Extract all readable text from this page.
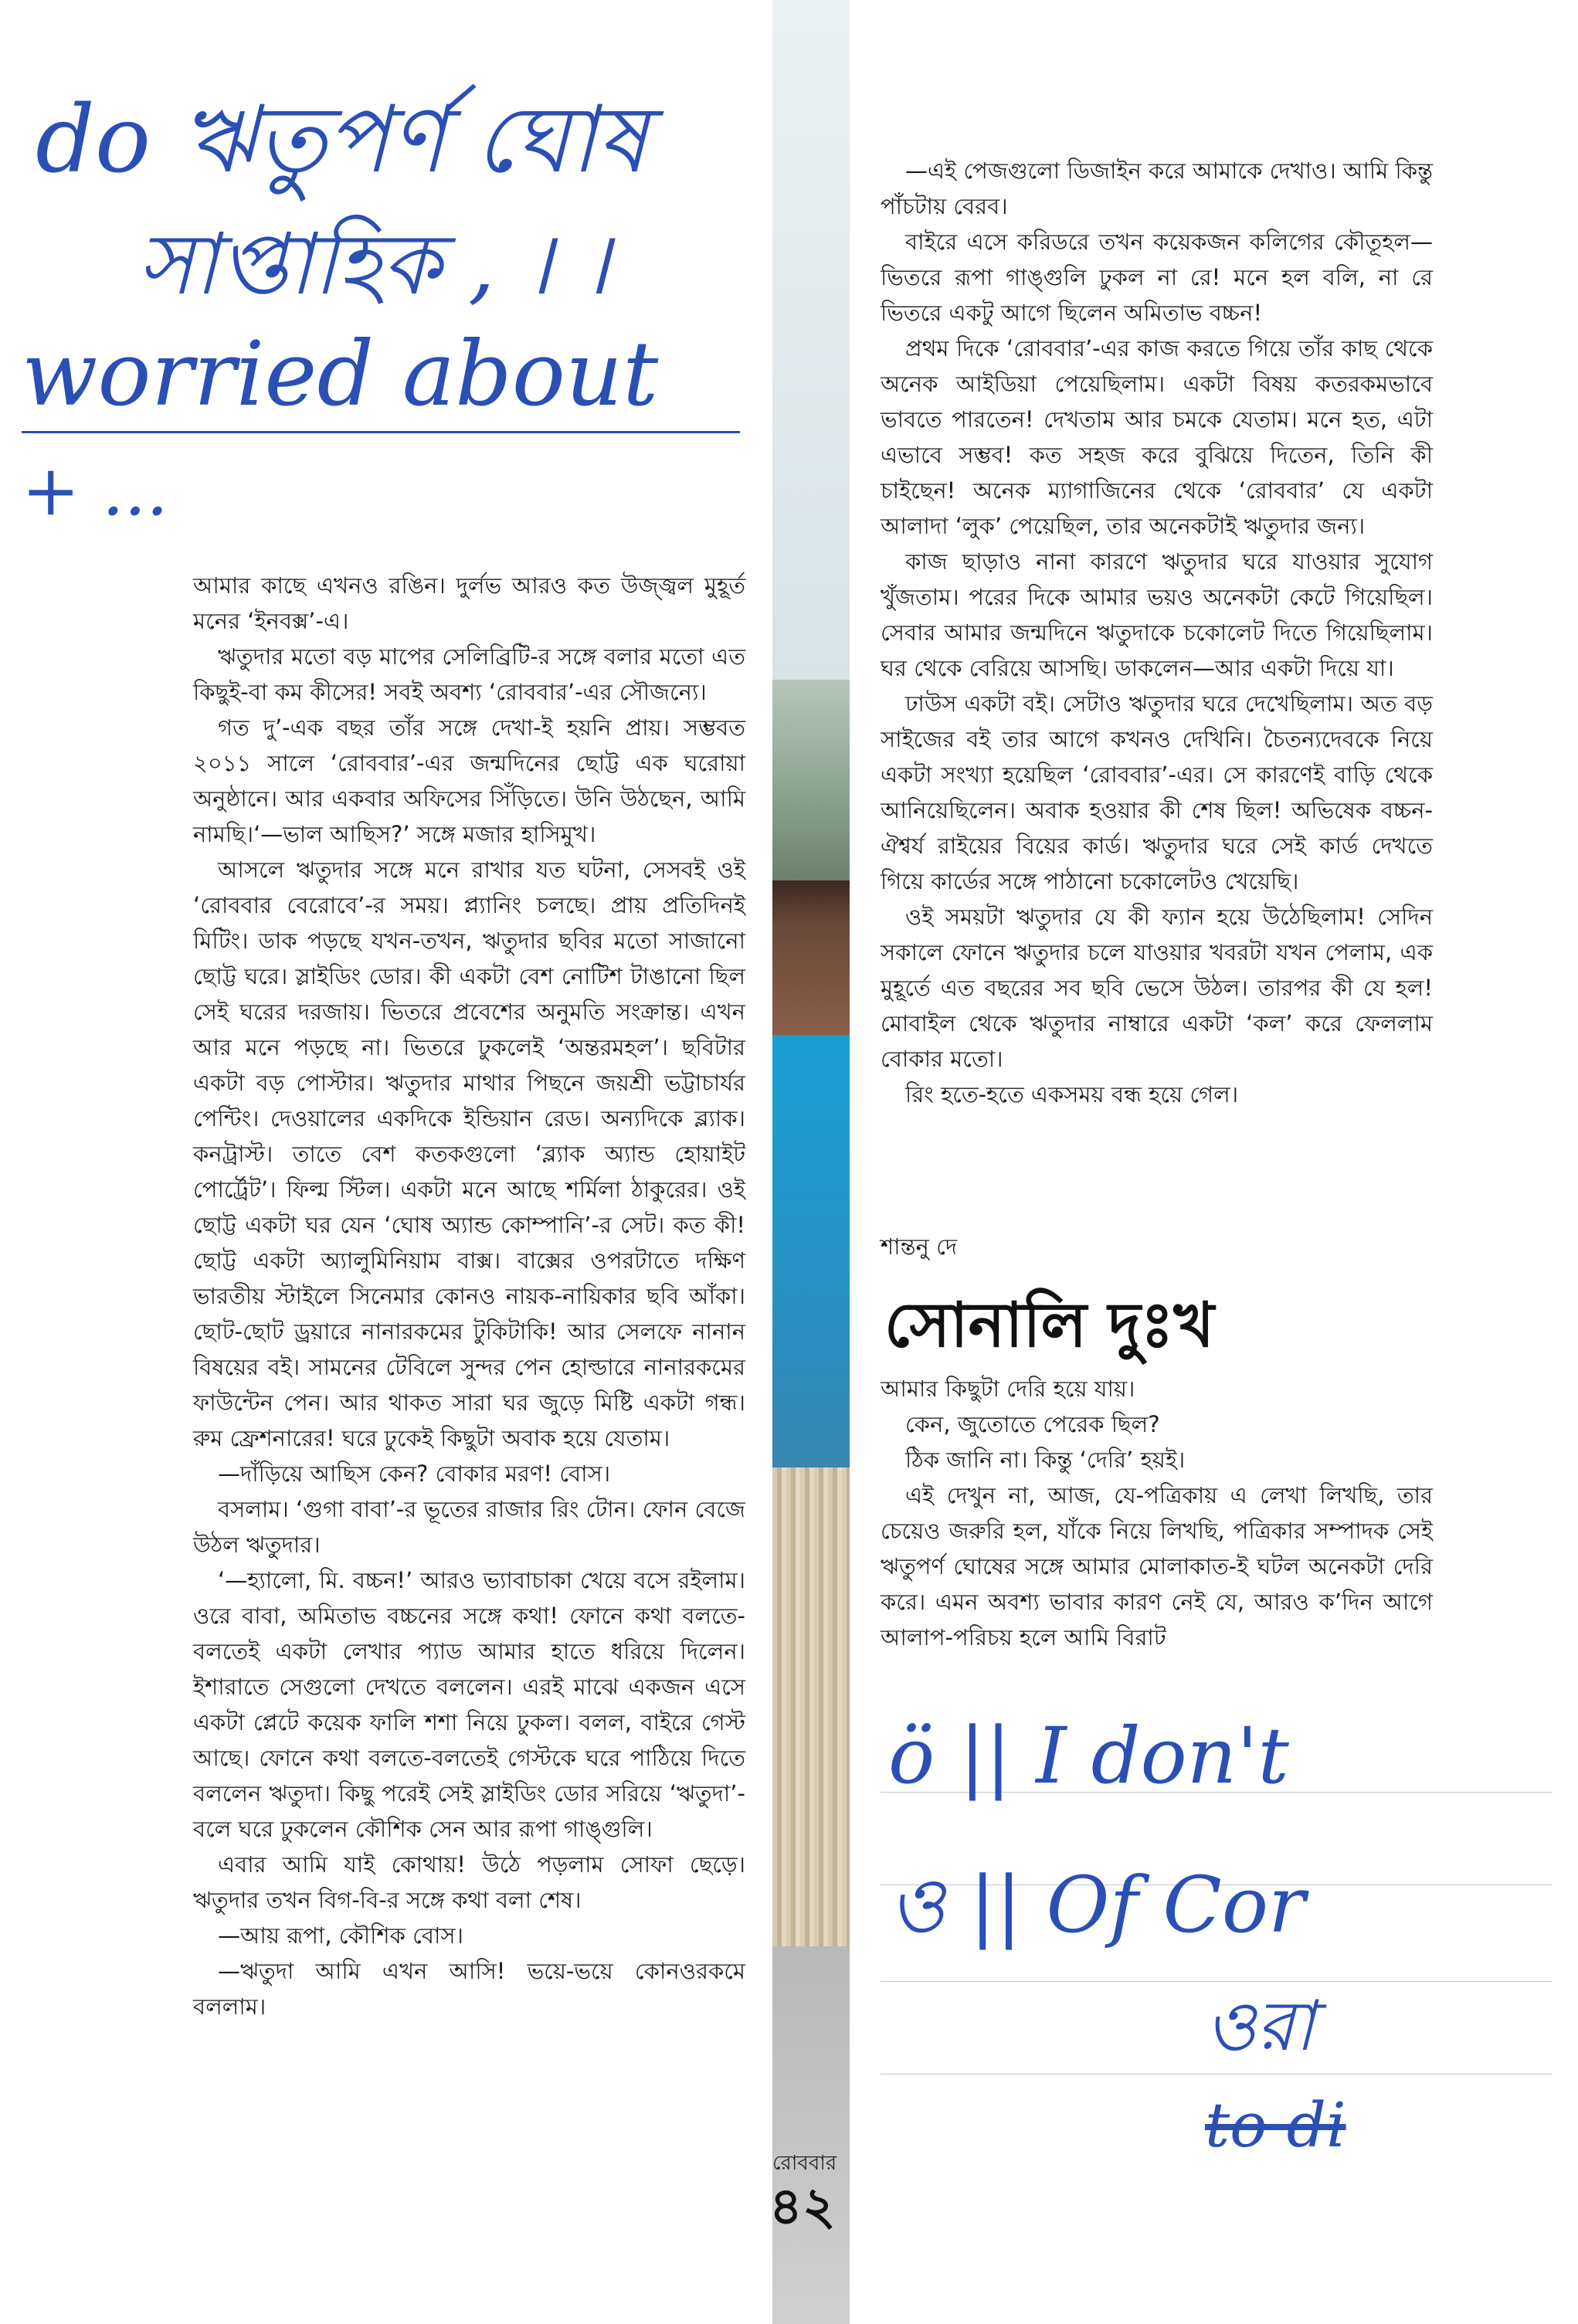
do ঋতুপর্ণ ঘোষ
সাপ্তাহিক , । ।
worried about
+ ...

আমার কাছে এখনও রঙিন। দুর্লভ আরও কত উজ্জ্বল মুহূর্ত মনের ‘ইনবক্স’-এ।

ঋতুদার মতো বড় মাপের সেলিব্রিটি-র সঙ্গে বলার মতো এত কিছুই-বা কম কীসের! সবই অবশ্য ‘রোববার’-এর সৌজন্যে।

গত দু’-এক বছর তাঁর সঙ্গে দেখা-ই হয়নি প্রায়। সম্ভবত ২০১১ সালে ‘রোববার’-এর জন্মদিনের ছোট্ট এক ঘরোয়া অনুষ্ঠানে। আর একবার অফিসের সিঁড়িতে। উনি উঠছেন, আমি নামছি।‘—ভাল আছিস?’ সঙ্গে মজার হাসিমুখ।

আসলে ঋতুদার সঙ্গে মনে রাখার যত ঘটনা, সেসবই ওই ‘রোববার বেরোবে’-র সময়। প্ল্যানিং চলছে। প্রায় প্রতিদিনই মিটিং। ডাক পড়ছে যখন-তখন, ঋতুদার ছবির মতো সাজানো ছোট্ট ঘরে। স্লাইডিং ডোর। কী একটা বেশ নোটিশ টাঙানো ছিল সেই ঘরের দরজায়। ভিতরে প্রবেশের অনুমতি সংক্রান্ত। এখন আর মনে পড়ছে না। ভিতরে ঢুকলেই ‘অন্তরমহল’। ছবিটার একটা বড় পোস্টার। ঋতুদার মাথার পিছনে জয়শ্রী ভট্টাচার্যর পেন্টিং। দেওয়ালের একদিকে ইন্ডিয়ান রেড। অন্যদিকে ব্ল্যাক। কনট্রাস্ট। তাতে বেশ কতকগুলো ‘ব্ল্যাক অ্যান্ড হোয়াইট পোর্ট্রেট’। ফিল্ম স্টিল। একটা মনে আছে শর্মিলা ঠাকুরের। ওই ছোট্ট একটা ঘর যেন ‘ঘোষ অ্যান্ড কোম্পানি’-র সেট। কত কী! ছোট্ট একটা অ্যালুমিনিয়াম বাক্স। বাক্সের ওপরটাতে দক্ষিণ ভারতীয় স্টাইলে সিনেমার কোনও নায়ক-নায়িকার ছবি আঁকা। ছোট-ছোট ড্রয়ারে নানারকমের টুকিটাকি! আর সেলফে নানান বিষয়ের বই। সামনের টেবিলে সুন্দর পেন হোল্ডারে নানারকমের ফাউন্টেন পেন। আর থাকত সারা ঘর জুড়ে মিষ্টি একটা গন্ধ। রুম ফ্রেশনারের! ঘরে ঢুকেই কিছুটা অবাক হয়ে যেতাম।

—দাঁড়িয়ে আছিস কেন? বোকার মরণ! বোস।

বসলাম। ‘গুগা বাবা’-র ভূতের রাজার রিং টোন। ফোন বেজে উঠল ঋতুদার।

‘—হ্যালো, মি. বচ্চন!’ আরও ভ্যাবাচাকা খেয়ে বসে রইলাম। ওরে বাবা, অমিতাভ বচ্চনের সঙ্গে কথা! ফোনে কথা বলতে-বলতেই একটা লেখার প্যাড আমার হাতে ধরিয়ে দিলেন। ইশারাতে সেগুলো দেখতে বললেন। এরই মাঝে একজন এসে একটা প্লেটে কয়েক ফালি শশা নিয়ে ঢুকল। বলল, বাইরে গেস্ট আছে। ফোনে কথা বলতে-বলতেই গেস্টকে ঘরে পাঠিয়ে দিতে বললেন ঋতুদা। কিছু পরেই সেই স্লাইডিং ডোর সরিয়ে ‘ঋতুদা’-বলে ঘরে ঢুকলেন কৌশিক সেন আর রূপা গাঙ্গুলি।

এবার আমি যাই কোথায়! উঠে পড়লাম সোফা ছেড়ে। ঋতুদার তখন বিগ-বি-র সঙ্গে কথা বলা শেষ।

—আয় রূপা, কৌশিক বোস।

—ঋতুদা আমি এখন আসি! ভয়ে-ভয়ে কোনওরকমে বললাম।

—এই পেজগুলো ডিজাইন করে আমাকে দেখাও। আমি কিন্তু পাঁচটায় বেরব।

বাইরে এসে করিডরে তখন কয়েকজন কলিগের কৌতূহল—ভিতরে রূপা গাঙ্গুলি ঢুকল না রে! মনে হল বলি, না রে ভিতরে একটু আগে ছিলেন অমিতাভ বচ্চন!

প্রথম দিকে ‘রোববার’-এর কাজ করতে গিয়ে তাঁর কাছ থেকে অনেক আইডিয়া পেয়েছিলাম। একটা বিষয় কতরকমভাবে ভাবতে পারতেন! দেখতাম আর চমকে যেতাম। মনে হত, এটা এভাবে সম্ভব! কত সহজ করে বুঝিয়ে দিতেন, তিনি কী চাইছেন! অনেক ম্যাগাজিনের থেকে ‘রোববার’ যে একটা আলাদা ‘লুক’ পেয়েছিল, তার অনেকটাই ঋতুদার জন্য।

কাজ ছাড়াও নানা কারণে ঋতুদার ঘরে যাওয়ার সুযোগ খুঁজতাম। পরের দিকে আমার ভয়ও অনেকটা কেটে গিয়েছিল। সেবার আমার জন্মদিনে ঋতুদাকে চকোলেট দিতে গিয়েছিলাম। ঘর থেকে বেরিয়ে আসছি। ডাকলেন—আর একটা দিয়ে যা।

ঢাউস একটা বই। সেটাও ঋতুদার ঘরে দেখেছিলাম। অত বড় সাইজের বই তার আগে কখনও দেখিনি। চৈতন্যদেবকে নিয়ে একটা সংখ্যা হয়েছিল ‘রোববার’-এর। সে কারণেই বাড়ি থেকে আনিয়েছিলেন। অবাক হওয়ার কী শেষ ছিল! অভিষেক বচ্চন-ঐশ্বর্য রাইয়ের বিয়ের কার্ড। ঋতুদার ঘরে সেই কার্ড দেখতে গিয়ে কার্ডের সঙ্গে পাঠানো চকোলেটও খেয়েছি।

ওই সময়টা ঋতুদার যে কী ফ্যান হয়ে উঠেছিলাম! সেদিন সকালে ফোনে ঋতুদার চলে যাওয়ার খবরটা যখন পেলাম, এক মুহূর্তে এত বছরের সব ছবি ভেসে উঠল। তারপর কী যে হল! মোবাইল থেকে ঋতুদার নাম্বারে একটা ‘কল’ করে ফেললাম বোকার মতো।

রিং হতে-হতে একসময় বন্ধ হয়ে গেল।

শান্তনু দে
সোনালি দুঃখ

আমার কিছুটা দেরি হয়ে যায়।

কেন, জুতোতে পেরেক ছিল?

ঠিক জানি না। কিন্তু ‘দেরি’ হয়ই।

এই দেখুন না, আজ, যে-পত্রিকায় এ লেখা লিখছি, তার চেয়েও জরুরি হল, যাঁকে নিয়ে লিখছি, পত্রিকার সম্পাদক সেই ঋতুপর্ণ ঘোষের সঙ্গে আমার মোলাকাত-ই ঘটল অনেকটা দেরি করে। এমন অবশ্য ভাবার কারণ নেই যে, আরও ক’দিন আগে আলাপ-পরিচয় হলে আমি বিরাট

ö || I don't
ও || Of Cor
ওরা
to di
রোববার
৪২
